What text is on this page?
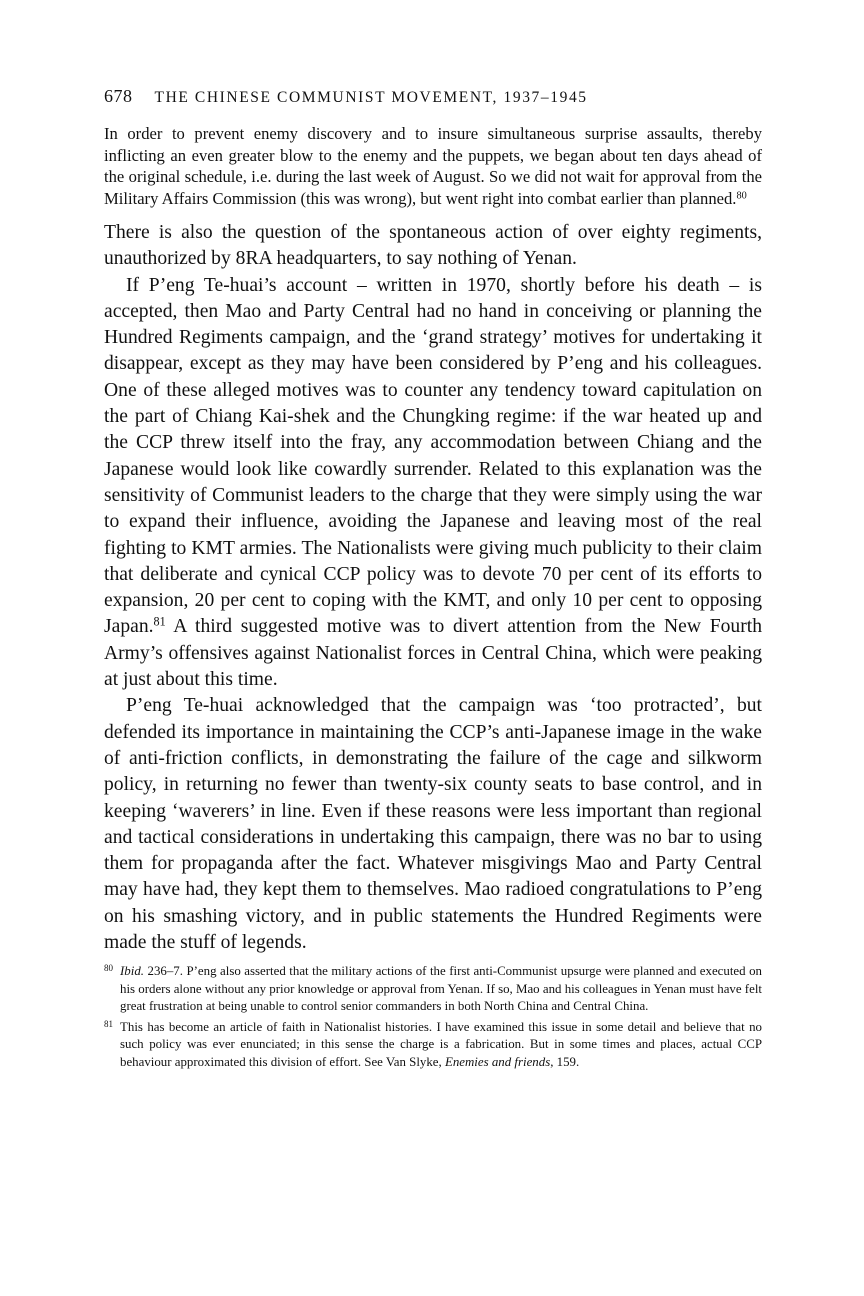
678 THE CHINESE COMMUNIST MOVEMENT, 1937–1945

In order to prevent enemy discovery and to insure simultaneous surprise assaults, thereby inflicting an even greater blow to the enemy and the puppets, we began about ten days ahead of the original schedule, i.e. during the last week of August. So we did not wait for approval from the Military Affairs Commission (this was wrong), but went right into combat earlier than planned.$^{80}$

There is also the question of the spontaneous action of over eighty regiments, unauthorized by 8RA headquarters, to say nothing of Yenan.

If P’eng Te-huai’s account – written in 1970, shortly before his death – is accepted, then Mao and Party Central had no hand in conceiving or planning the Hundred Regiments campaign, and the ‘grand strategy’ motives for undertaking it disappear, except as they may have been considered by P’eng and his colleagues. One of these alleged motives was to counter any tendency toward capitulation on the part of Chiang Kai-shek and the Chungking regime: if the war heated up and the CCP threw itself into the fray, any accommodation between Chiang and the Japanese would look like cowardly surrender. Related to this explanation was the sensitivity of Communist leaders to the charge that they were simply using the war to expand their influence, avoiding the Japanese and leaving most of the real fighting to KMT armies. The Nationalists were giving much publicity to their claim that deliberate and cynical CCP policy was to devote 70 per cent of its efforts to expansion, 20 per cent to coping with the KMT, and only 10 per cent to opposing Japan.$^{81}$ A third suggested motive was to divert attention from the New Fourth Army’s offensives against Nationalist forces in Central China, which were peaking at just about this time.

P’eng Te-huai acknowledged that the campaign was ‘too protracted’, but defended its importance in maintaining the CCP’s anti-Japanese image in the wake of anti-friction conflicts, in demonstrating the failure of the cage and silkworm policy, in returning no fewer than twenty-six county seats to base control, and in keeping ‘waverers’ in line. Even if these reasons were less important than regional and tactical considerations in undertaking this campaign, there was no bar to using them for propaganda after the fact. Whatever misgivings Mao and Party Central may have had, they kept them to themselves. Mao radioed congratulations to P’eng on his smashing victory, and in public statements the Hundred Regiments were made the stuff of legends.

80 Ibid. 236–7. P’eng also asserted that the military actions of the first anti-Communist upsurge were planned and executed on his orders alone without any prior knowledge or approval from Yenan. If so, Mao and his colleagues in Yenan must have felt great frustration at being unable to control senior commanders in both North China and Central China.

81 This has become an article of faith in Nationalist histories. I have examined this issue in some detail and believe that no such policy was ever enunciated; in this sense the charge is a fabrication. But in some times and places, actual CCP behaviour approximated this division of effort. See Van Slyke, Enemies and friends, 159.
